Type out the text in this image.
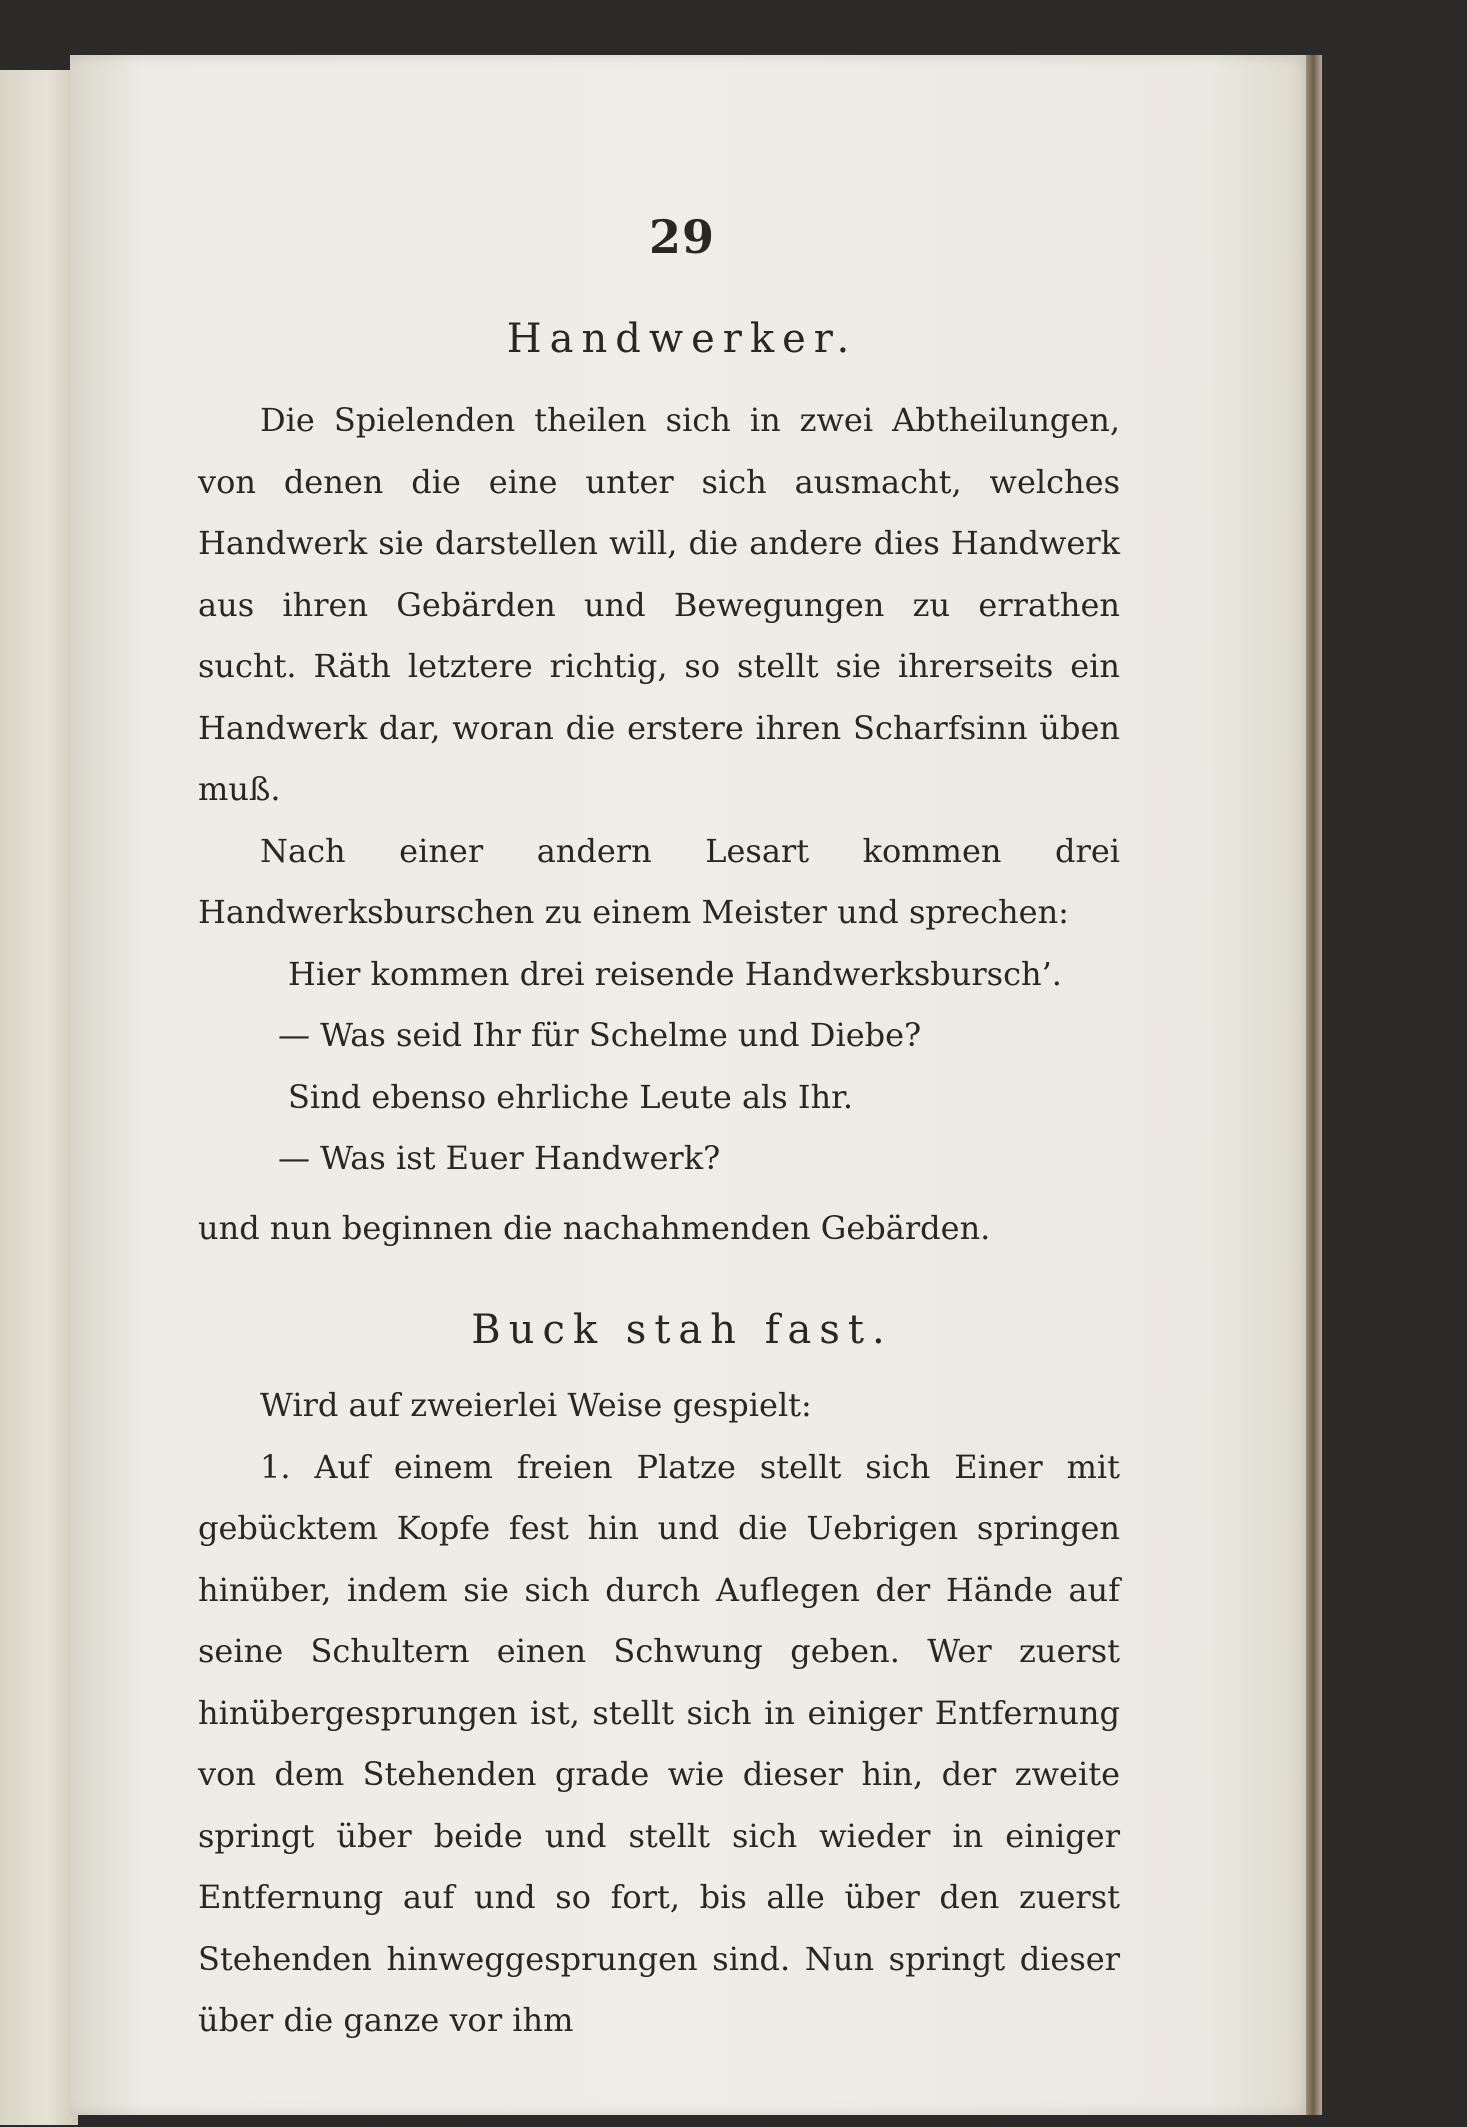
29
Handwerker.

Die Spielenden theilen sich in zwei Abtheilungen, von denen die eine unter sich ausmacht, welches Handwerk sie darstellen will, die andere dies Handwerk aus ihren Gebärden und Bewegungen zu errathen sucht. Räth letztere richtig, so stellt sie ihrerseits ein Handwerk dar, woran die erstere ihren Scharfsinn üben muß.

Nach einer andern Lesart kommen drei Handwerksburschen zu einem Meister und sprechen:

Hier kommen drei reisende Handwerksbursch’.
— Was seid Ihr für Schelme und Diebe?
Sind ebenso ehrliche Leute als Ihr.
— Was ist Euer Handwerk?

und nun beginnen die nachahmenden Gebärden.

Buck stah fast.

Wird auf zweierlei Weise gespielt:

1. Auf einem freien Platze stellt sich Einer mit gebücktem Kopfe fest hin und die Uebrigen springen hinüber, indem sie sich durch Auflegen der Hände auf seine Schultern einen Schwung geben. Wer zuerst hinübergesprungen ist, stellt sich in einiger Entfernung von dem Stehenden grade wie dieser hin, der zweite springt über beide und stellt sich wieder in einiger Entfernung auf und so fort, bis alle über den zuerst Stehenden hinweggesprungen sind. Nun springt dieser über die ganze vor ihm
